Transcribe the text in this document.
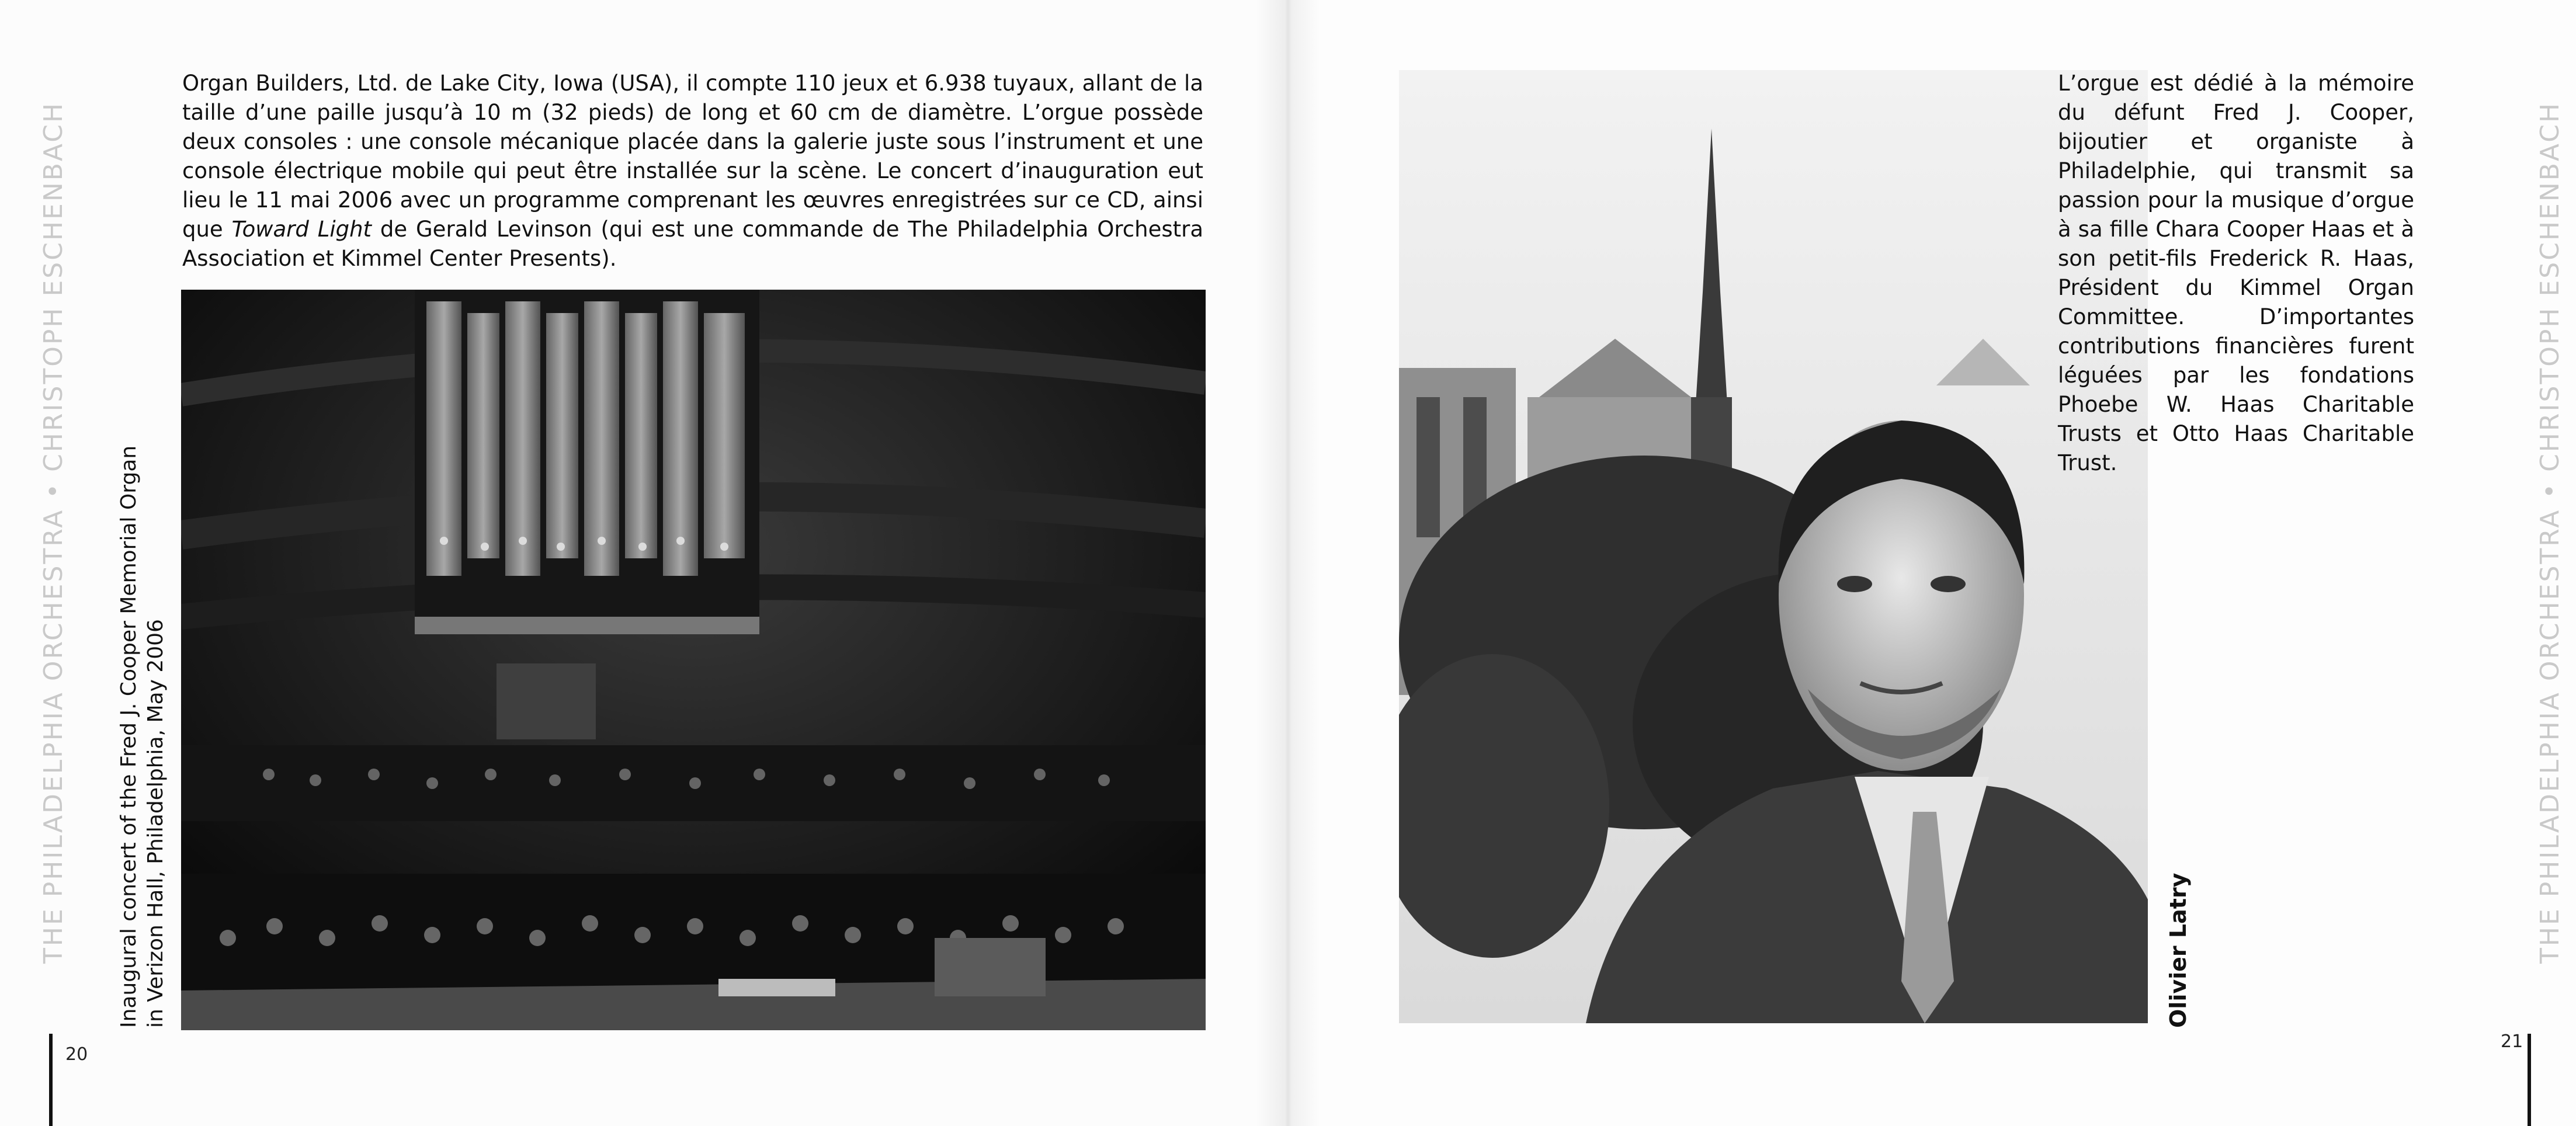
THE PHILADELPHIA ORCHESTRA • CHRISTOPH ESCHENBACH
Organ Builders, Ltd. de Lake City, Iowa (USA), il compte 110 jeux et 6.938 tuyaux, allant de la taille d’une paille jusqu’à 10 m (32 pieds) de long et 60 cm de diamètre. L’orgue possède deux consoles : une console mécanique placée dans la galerie juste sous l’instrument et une console électrique mobile qui peut être installée sur la scène. Le concert d’inauguration eut lieu le 11 mai 2006 avec un programme comprenant les œuvres enregistrées sur ce CD, ainsi que Toward Light de Gerald Levinson (qui est une commande de The Philadelphia Orchestra Association et Kimmel Center Presents).
Inaugural concert of the Fred J. Cooper Memorial Organ in Verizon Hall, Philadelphia, May 2006
20
Olivier Latry
L’orgue est dédié à la mémoire du défunt Fred J. Cooper, bijoutier et organiste à Philadelphie, qui transmit sa passion pour la musique d’orgue à sa fille Chara Cooper Haas et à son petit-fils Frederick R. Haas, Président du Kimmel Organ Committee. D’importantes contributions financières furent léguées par les fondations Phoebe W. Haas Charitable Trusts et Otto Haas Charitable Trust.	THE PHILADELPHIA ORCHESTRA • CHRISTOPH ESCHENBACH
21
